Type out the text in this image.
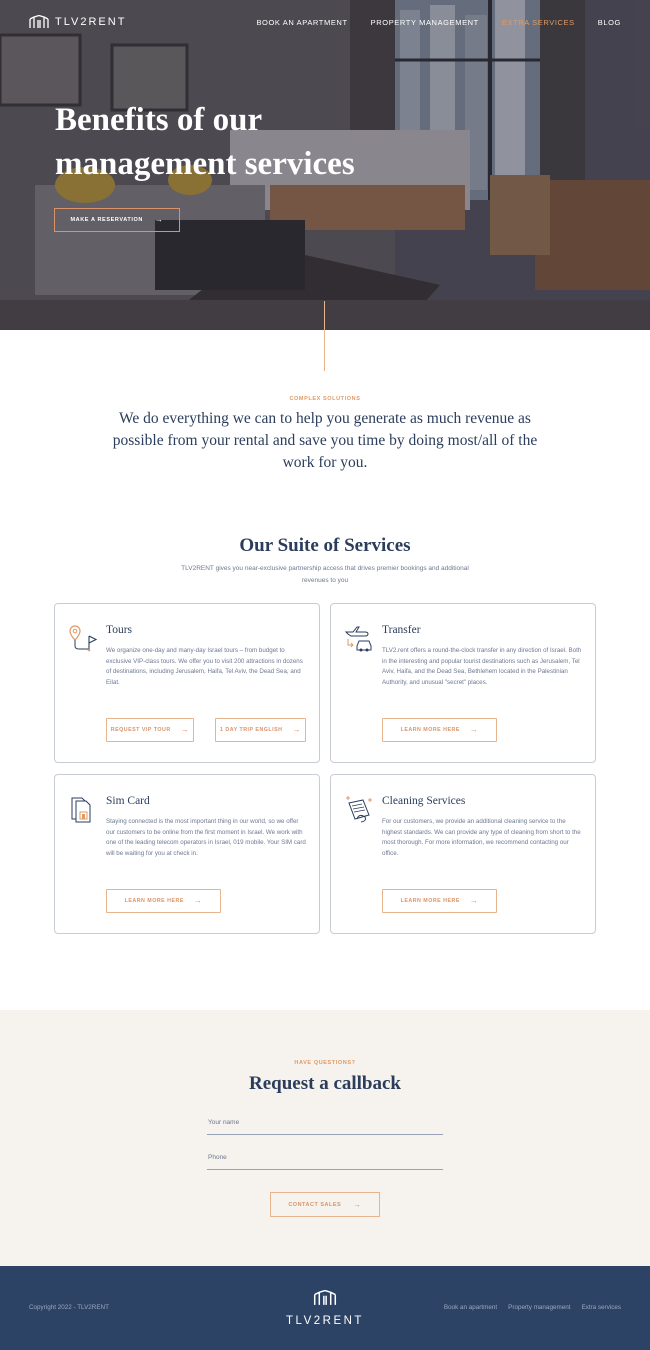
TLV2RENT	BOOK AN APARTMENT	PROPERTY MANAGEMENT	EXTRA SERVICES	BLOG
Benefits of our
management services
MAKE A RESERVATION →
COMPLEX SOLUTIONS

We do everything we can to help you generate as much revenue as possible from your rental and save you time by doing most/all of the work for you.

Our Suite of Services

TLV2RENT gives you near-exclusive partnership access that drives premier bookings and additional revenues to you

Tours
We organize one-day and many-day Israel tours – from budget to exclusive VIP-class tours. We offer you to visit 200 attractions in dozens of destinations, including Jerusalem, Haifa, Tel Aviv, the Dead Sea, and Eilat.
REQUEST VIP TOUR →	1 DAY TRIP ENGLISH →
Transfer
TLV2.rent offers a round-the-clock transfer in any direction of Israel. Both in the interesting and popular tourist destinations such as Jerusalem, Tel Aviv, Haifa, and the Dead Sea, Bethlehem located in the Palestinian Authority, and unusual "secret" places.
LEARN MORE HERE →
Sim Card
Staying connected is the most important thing in our world, so we offer our customers to be online from the first moment in Israel. We work with one of the leading telecom operators in Israel, 019 mobile. Your SIM card will be waiting for you at check in.
LEARN MORE HERE →
Cleaning Services
For our customers, we provide an additional cleaning service to the highest standards. We can provide any type of cleaning from short to the most thorough. For more information, we recommend contacting our office.
LEARN MORE HERE →
HAVE QUESTIONS?
Request a callback
Your name
Phone
CONTACT SALES →
Copyright 2022 - TLV2RENT
TLV2RENT
Book an apartment Property management Extra services
